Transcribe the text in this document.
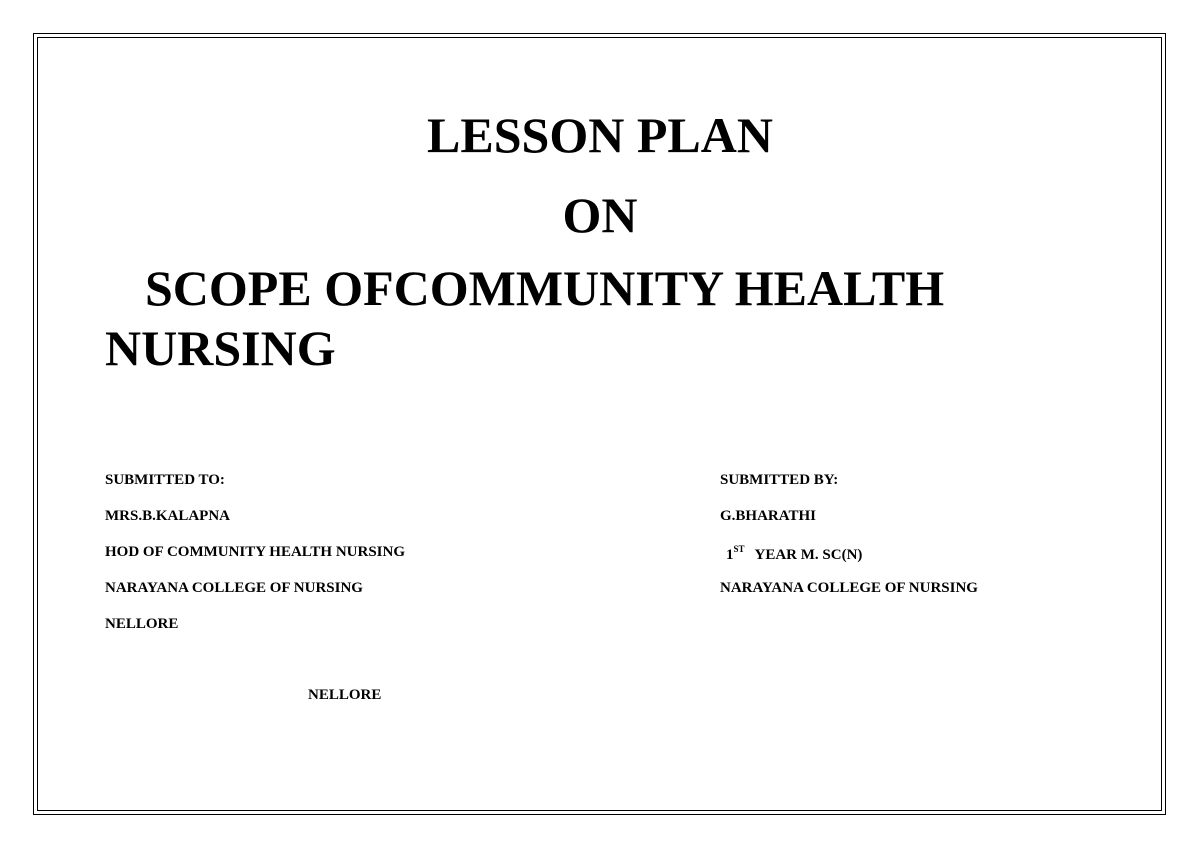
LESSON PLAN
ON
SCOPE OFCOMMUNITY HEALTH
NURSING
SUBMITTED TO:
MRS.B.KALAPNA
HOD OF COMMUNITY HEALTH NURSING
NARAYANA COLLEGE OF NURSING
NELLORE
SUBMITTED BY:
G.BHARATHI
1ST YEAR M. SC(N)
NARAYANA COLLEGE OF NURSING
NELLORE
